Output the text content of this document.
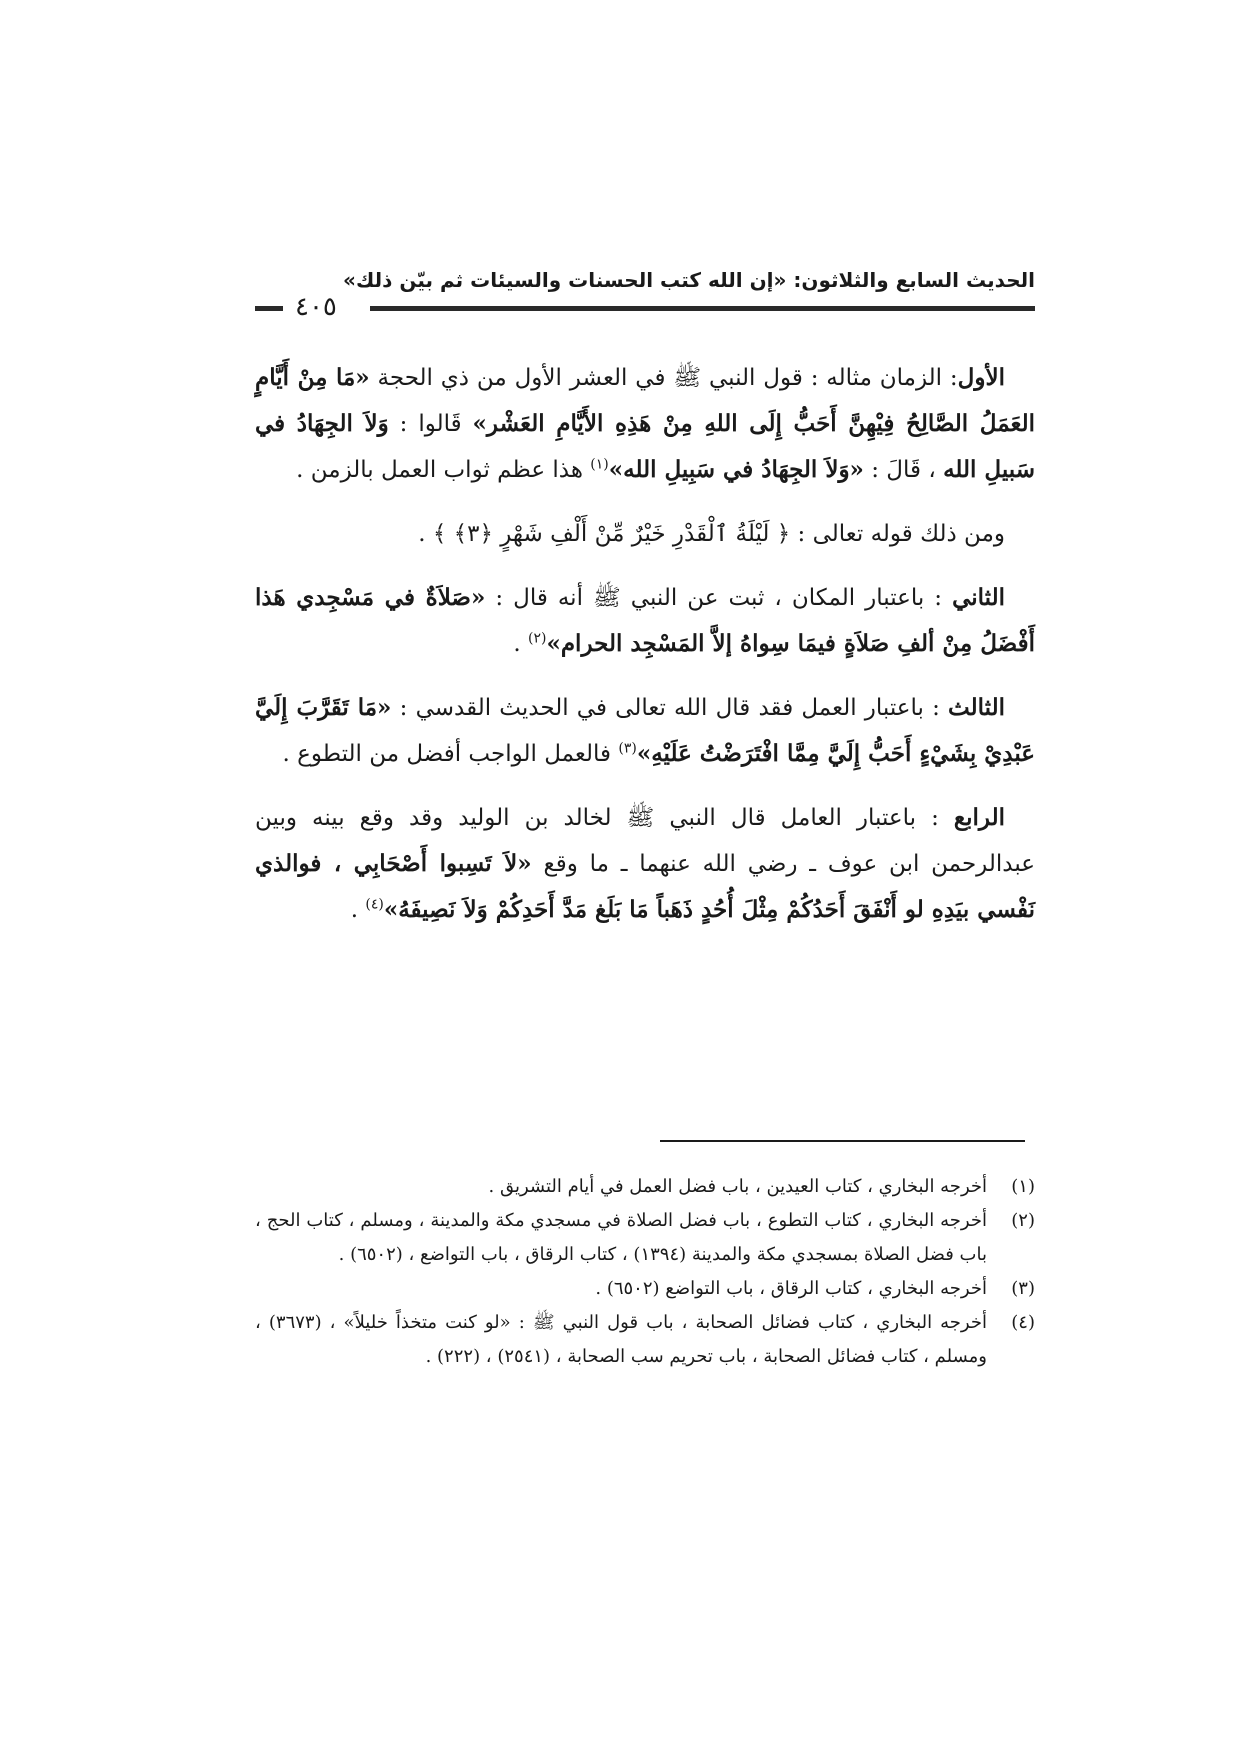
الحديث السابع والثلاثون: «إن الله كتب الحسنات والسيئات ثم بيّن ذلك»
٤٠٥

الأول: الزمان مثاله : قول النبي ﷺ في العشر الأول من ذي الحجة «مَا مِنْ أَيَّامٍ العَمَلُ الصَّالِحُ فِيْهِنَّ أَحَبُّ إِلَى اللهِ مِنْ هَذِهِ الأَيَّامِ العَشْر» قَالوا : وَلاَ الجِهَادُ في سَبيلِ الله ، قَالَ : «وَلاَ الجِهَادُ في سَبِيلِ الله»$^{(١)}$ هذا عظم ثواب العمل بالزمن .

ومن ذلك قوله تعالى : ﴿ لَيْلَةُ ٱلْقَدْرِ خَيْرٌ مِّنْ أَلْفِ شَهْرٍ ﴿٣﴾ ﴾ .

الثاني : باعتبار المكان ، ثبت عن النبي ﷺ أنه قال : «صَلاَةٌ في مَسْجِدي هَذا أَفْضَلُ مِنْ ألفِ صَلاَةٍ فيمَا سِواهُ إلاَّ المَسْجِد الحرام»$^{(٢)}$ .

الثالث : باعتبار العمل فقد قال الله تعالى في الحديث القدسي : «مَا تَقَرَّبَ إِلَيَّ عَبْدِيْ بِشَيْءٍ أَحَبُّ إِلَيَّ مِمَّا افْتَرَضْتُ عَلَيْهِ»$^{(٣)}$ فالعمل الواجب أفضل من التطوع .

الرابع : باعتبار العامل قال النبي ﷺ لخالد بن الوليد وقد وقع بينه وبين عبدالرحمن ابن عوف ـ رضي الله عنهما ـ ما وقع «لاَ تَسِبوا أَصْحَابِي ، فوالذي نَفْسي بيَدِهِ لو أَنْفَقَ أَحَدُكُمْ مِثْلَ أُحُدٍ ذَهَباً مَا بَلَغ مَدَّ أَحَدِكُمْ وَلاَ نَصِيفَهُ»$^{(٤)}$ .

(١)
أخرجه البخاري ، كتاب العيدين ، باب فضل العمل في أيام التشريق .
(٢)
أخرجه البخاري ، كتاب التطوع ، باب فضل الصلاة في مسجدي مكة والمدينة ، ومسلم ، كتاب الحج ، باب فضل الصلاة بمسجدي مكة والمدينة (١٣٩٤) ، كتاب الرقاق ، باب التواضع ، (٦٥٠٢) .
(٣)
أخرجه البخاري ، كتاب الرقاق ، باب التواضع (٦٥٠٢) .
(٤)
أخرجه البخاري ، كتاب فضائل الصحابة ، باب قول النبي ﷺ : «لو كنت متخذاً خليلاً» ، (٣٦٧٣) ، ومسلم ، كتاب فضائل الصحابة ، باب تحريم سب الصحابة ، (٢٥٤١) ، (٢٢٢) .
